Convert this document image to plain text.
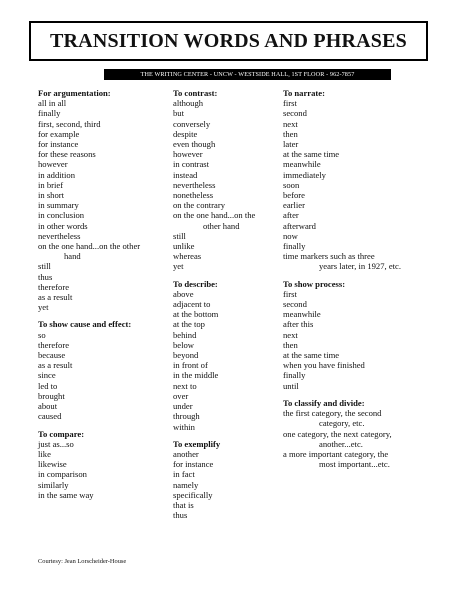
TRANSITION WORDS AND PHRASES
THE WRITING CENTER - UNCW - WESTSIDE HALL, 1ST FLOOR - 962-7857
For argumentation:
all in all
finally
first, second, third
for example
for instance
for these reasons
however
in addition
in brief
in short
in summary
in conclusion
in other words
nevertheless
on the one hand...on the other
hand
still
thus
therefore
as a result
yet
To show cause and effect:
so
therefore
because
as a result
since
led to
brought
about
caused
To compare:
just as...so
like
likewise
in comparison
similarly
in the same way
To contrast:
although
but
conversely
despite
even though
however
in contrast
instead
nevertheless
nonetheless
on the contrary
on the one hand...on the
other hand
still
unlike
whereas
yet
To describe:
above
adjacent to
at the bottom
at the top
behind
below
beyond
in front of
in the middle
next to
over
under
through
within
To exemplify
another
for instance
in fact
namely
specifically
that is
thus
To narrate:
first
second
next
then
later
at the same time
meanwhile
immediately
soon
before
earlier
after
afterward
now
finally
time markers such as three
years later, in 1927, etc.
To show process:
first
second
meanwhile
after this
next
then
at the same time
when you have finished
finally
until
To classify and divide:
the first category, the second
category, etc.
one category, the next category,
another...etc.
a more important category, the
most important...etc.
Courtesy: Jean Lorscheider-House
